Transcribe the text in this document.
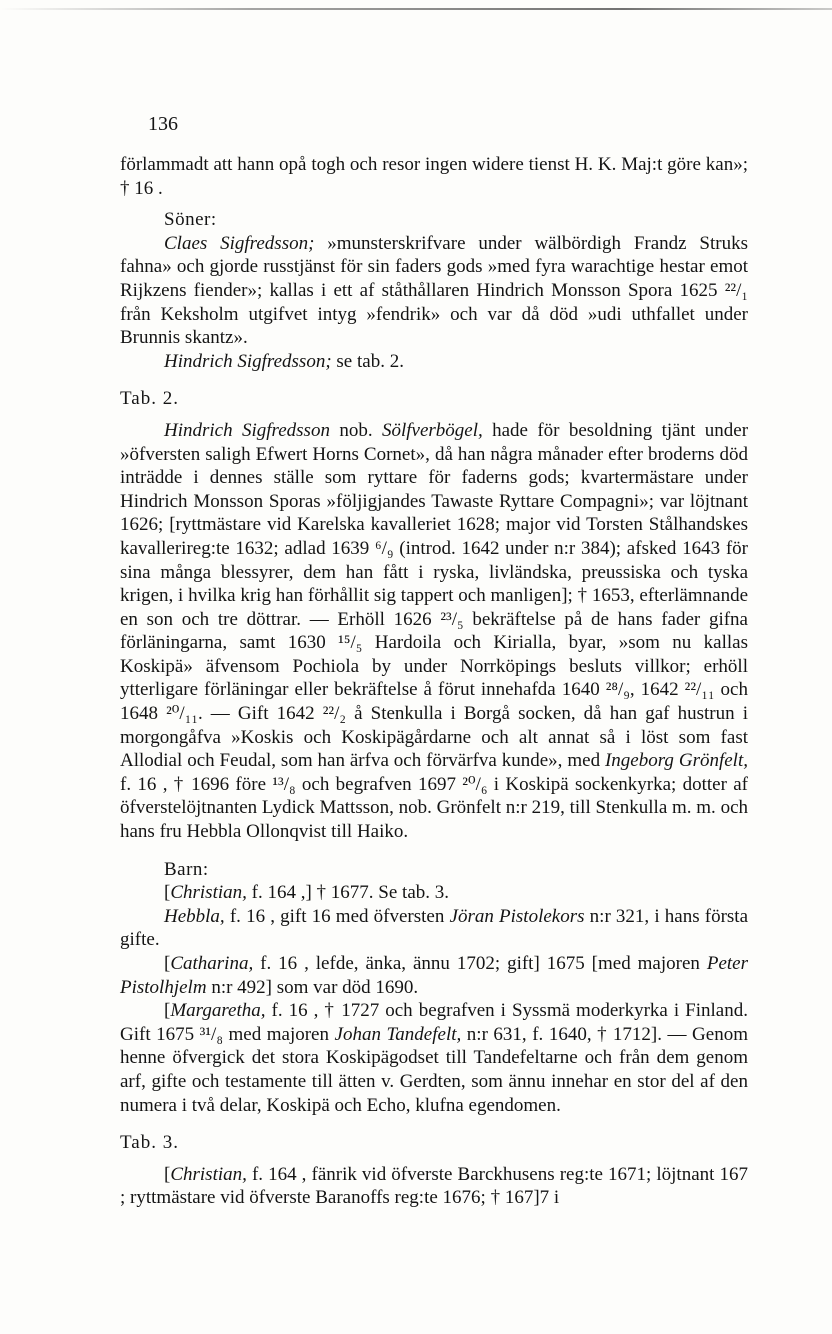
136

förlammadt att hann opå togh och resor ingen widere tienst H. K. Maj:t göre kan»; † 16 .

Söner:

Claes Sigfredsson; »munsterskrifvare under wälbördigh Frandz Struks fahna» och gjorde russtjänst för sin faders gods »med fyra warachtige hestar emot Rijkzens fiender»; kallas i ett af ståthållaren Hindrich Monsson Spora 1625 ²²/₁ från Keksholm utgifvet intyg »fendrik» och var då död »udi uthfallet under Brunnis skantz».

Hindrich Sigfredsson; se tab. 2.

Tab. 2.

Hindrich Sigfredsson nob. Sölfverbögel, hade för besoldning tjänt under »öfversten saligh Efwert Horns Cornet», då han några månader efter broderns död inträdde i dennes ställe som ryttare för faderns gods; kvartermästare under Hindrich Monsson Sporas »följigjandes Tawaste Ryttare Compagni»; var löjtnant 1626; [ryttmästare vid Karelska kavalleriet 1628; major vid Torsten Stålhandskes kavallerireg:te 1632; adlad 1639 ⁶/₉ (introd. 1642 under n:r 384); afsked 1643 för sina många blessyrer, dem han fått i ryska, livländska, preussiska och tyska krigen, i hvilka krig han förhållit sig tappert och manligen]; † 1653, efterlämnande en son och tre döttrar. — Erhöll 1626 ²³/₅ bekräftelse på de hans fader gifna förläningarna, samt 1630 ¹⁵/₅ Hardoila och Kirialla, byar, »som nu kallas Koskipä» äfvensom Pochiola by under Norrköpings besluts villkor; erhöll ytterligare förläningar eller bekräftelse å förut innehafda 1640 ²⁸/₉, 1642 ²²/₁₁ och 1648 ²⁰/₁₁. — Gift 1642 ²²/₂ å Stenkulla i Borgå socken, då han gaf hustrun i morgongåfva »Koskis och Koskipägårdarne och alt annat så i löst som fast Allodial och Feudal, som han ärfva och förvärfva kunde», med Ingeborg Grönfelt, f. 16 , † 1696 före ¹³/₈ och begrafven 1697 ²⁰/₆ i Koskipä sockenkyrka; dotter af öfverstelöjtnanten Lydick Mattsson, nob. Grönfelt n:r 219, till Stenkulla m. m. och hans fru Hebbla Ollonqvist till Haiko.

Barn:

[Christian, f. 164 ,] † 1677. Se tab. 3.

Hebbla, f. 16 , gift 16 med öfversten Jöran Pistolekors n:r 321, i hans första gifte.

[Catharina, f. 16 , lefde, änka, ännu 1702; gift] 1675 [med majoren Peter Pistolhjelm n:r 492] som var död 1690.

[Margaretha, f. 16 , † 1727 och begrafven i Syssmä moderkyrka i Finland. Gift 1675 ³¹/₈ med majoren Johan Tandefelt, n:r 631, f. 1640, † 1712]. — Genom henne öfvergick det stora Koskipägodset till Tandefeltarne och från dem genom arf, gifte och testamente till ätten v. Gerdten, som ännu innehar en stor del af den numera i två delar, Koskipä och Echo, klufna egendomen.

Tab. 3.

[Christian, f. 164 , fänrik vid öfverste Barckhusens reg:te 1671; löjtnant 167 ; ryttmästare vid öfverste Baranoffs reg:te 1676; † 167]7 i
